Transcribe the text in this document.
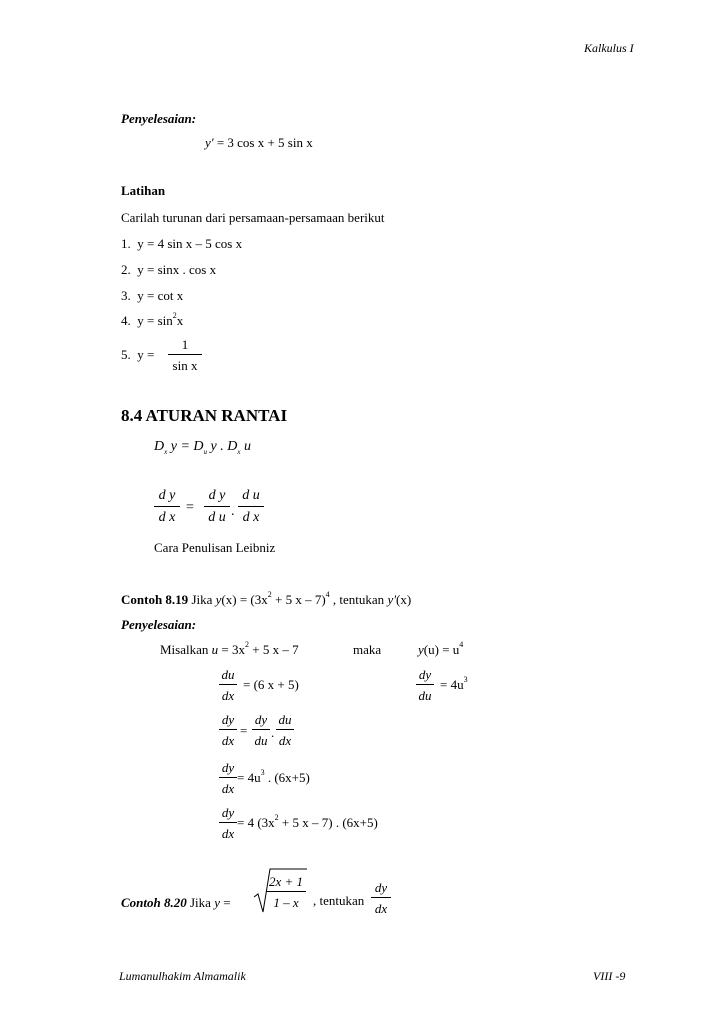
Kalkulus I
Penyelesaian:
y' = 3 cos x + 5 sin x
Latihan
Carilah turunan dari persamaan-persamaan berikut
1. y = 4 sin x – 5 cos x
2. y = sinx . cos x
3. y = cot x
4. $y = \sin^2x$
5. y =
1
sin x
8.4 ATURAN RANTAI
$D_x$ $y = D_u$ y . $D_x$ u
d y
d x
=
d y
d u .
d u
d x
Cara Penulisan Leibniz
Contoh 8.19 Jika $y(x) = (3x^2 + 5$ x – 7)$^4$ , tentukan y'(x)
Penyelesaian:
Misalkan $u = 3x^2 + 5$ x – 7	maka	$y(u) = u^4$
du
dx
= (6 x + 5)
dy
du
= $4u^3$
dy
dx
=
dy
du
.
du
dx
dy
dx
= $4u^3$ . (6x+5)
dy
dx
= 4 ($3x^2 + 5$ x – 7) . (6x+5)
Contoh 8.20 Jika y =
2x + 1
1 – x	, tentukan
dy
dx
Lumanulhakim Almamalik	VIII -9
